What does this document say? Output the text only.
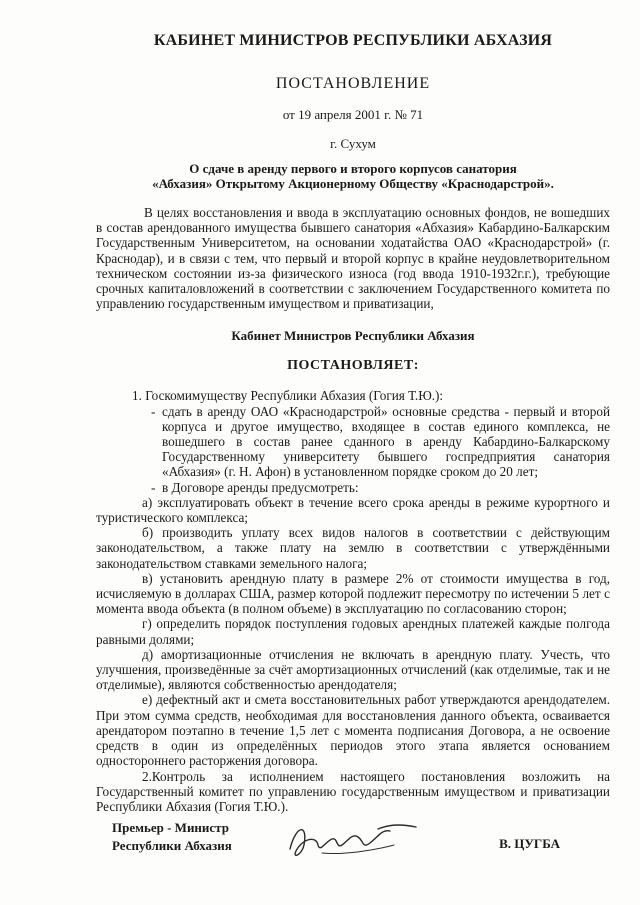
КАБИНЕТ МИНИСТРОВ РЕСПУБЛИКИ АБХАЗИЯ
ПОСТАНОВЛЕНИЕ
от 19 апреля 2001 г. № 71
г. Сухум
О сдаче в аренду первого и второго корпусов санатория
«Абхазия» Открытому Акционерному Обществу «Краснодарстрой».
В целях восстановления и ввода в эксплуатацию основных фондов, не вошедших в состав арендованного имущества бывшего санатория «Абхазия» Кабардино-Балкарским Государственным Университетом, на основании ходатайства ОАО «Краснодарстрой» (г. Краснодар), и в связи с тем, что первый и второй корпус в крайне неудовлетворительном техническом состоянии из-за физического износа (год ввода 1910-1932г.г.), требующие срочных капиталовложений в соответствии с заключением Государственного комитета по управлению государственным имуществом и приватизации,
Кабинет Министров Республики Абхазия
ПОСТАНОВЛЯЕТ:
1. Госкомимуществу Республики Абхазия (Гогия Т.Ю.):
- сдать в аренду ОАО «Краснодарстрой» основные средства - первый и второй корпуса и другое имущество, входящее в состав единого комплекса, не вошедшего в состав ранее сданного в аренду Кабардино-Балкарскому Государственному университету бывшего госпредприятия санатория «Абхазия» (г. Н. Афон) в установленном порядке сроком до 20 лет;
- в Договоре аренды предусмотреть:
а) эксплуатировать объект в течение всего срока аренды в режиме курортного и туристического комплекса;
б) производить уплату всех видов налогов в соответствии с действующим законодательством, а также плату на землю в соответствии с утверждёнными законодательством ставками земельного налога;
в) установить арендную плату в размере 2% от стоимости имущества в год, исчисляемую в долларах США, размер которой подлежит пересмотру по истечении 5 лет с момента ввода объекта (в полном объеме) в эксплуатацию по согласованию сторон;
г) определить порядок поступления годовых арендных платежей каждые полгода равными долями;
д) амортизационные отчисления не включать в арендную плату. Учесть, что улучшения, произведённые за счёт амортизационных отчислений (как отделимые, так и не отделимые), являются собственностью арендодателя;
е) дефектный акт и смета восстановительных работ утверждаются арендодателем. При этом сумма средств, необходимая для восстановления данного объекта, осваивается арендатором поэтапно в течение 1,5 лет с момента подписания Договора, а не освоение средств в один из определённых периодов этого этапа является основанием одностороннего расторжения договора.
2.Контроль за исполнением настоящего постановления возложить на Государственный комитет по управлению государственным имуществом и приватизации Республики Абхазия (Гогия Т.Ю.).
Премьер - Министр
Республики Абхазия	В. ЦУГБА
